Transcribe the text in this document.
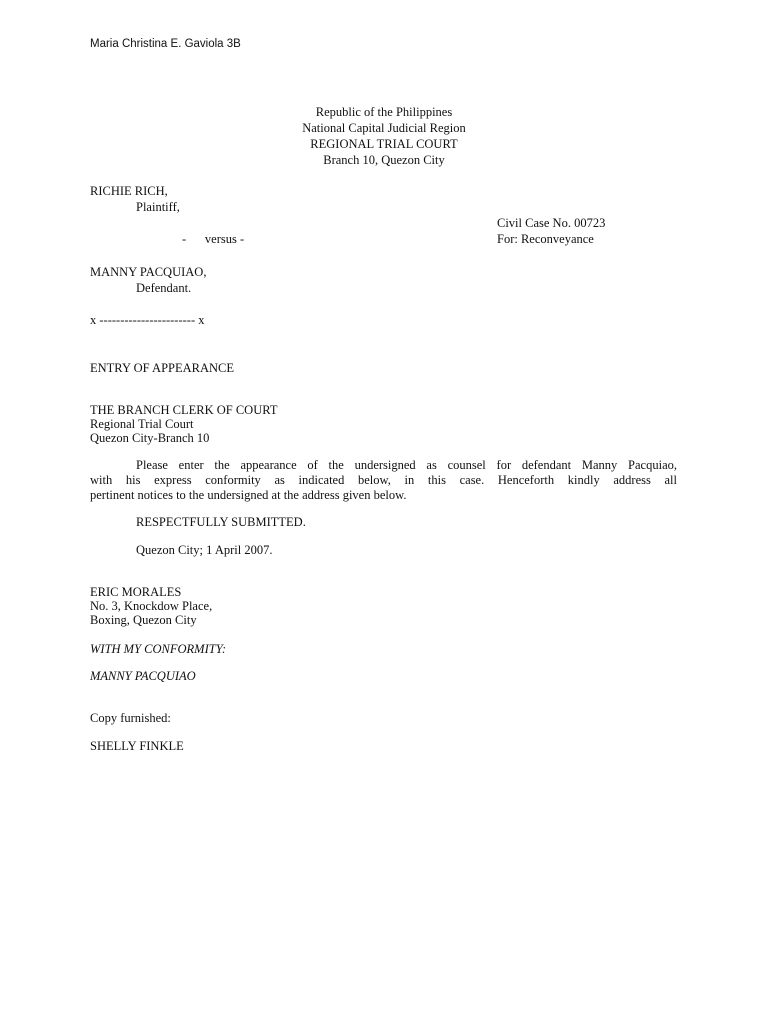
Maria Christina E. Gaviola 3B
Republic of the Philippines
National Capital Judicial Region
REGIONAL TRIAL COURT
Branch 10, Quezon City
RICHIE RICH,
Plaintiff,
Civil Case No. 00723
-      versus -	For: Reconveyance
MANNY PACQUIAO,
Defendant.
x ----------------------- x
ENTRY OF APPEARANCE
THE BRANCH CLERK OF COURT
Regional Trial Court
Quezon City-Branch 10
Please enter the appearance of the undersigned as counsel for defendant Manny Pacquiao,
with his express conformity as indicated below, in this case. Henceforth kindly address all
pertinent notices to the undersigned at the address given below.
RESPECTFULLY SUBMITTED.
Quezon City; 1 April 2007.
ERIC MORALES
No. 3, Knockdow Place,
Boxing, Quezon City
WITH MY CONFORMITY:
MANNY PACQUIAO
Copy furnished:
SHELLY FINKLE
